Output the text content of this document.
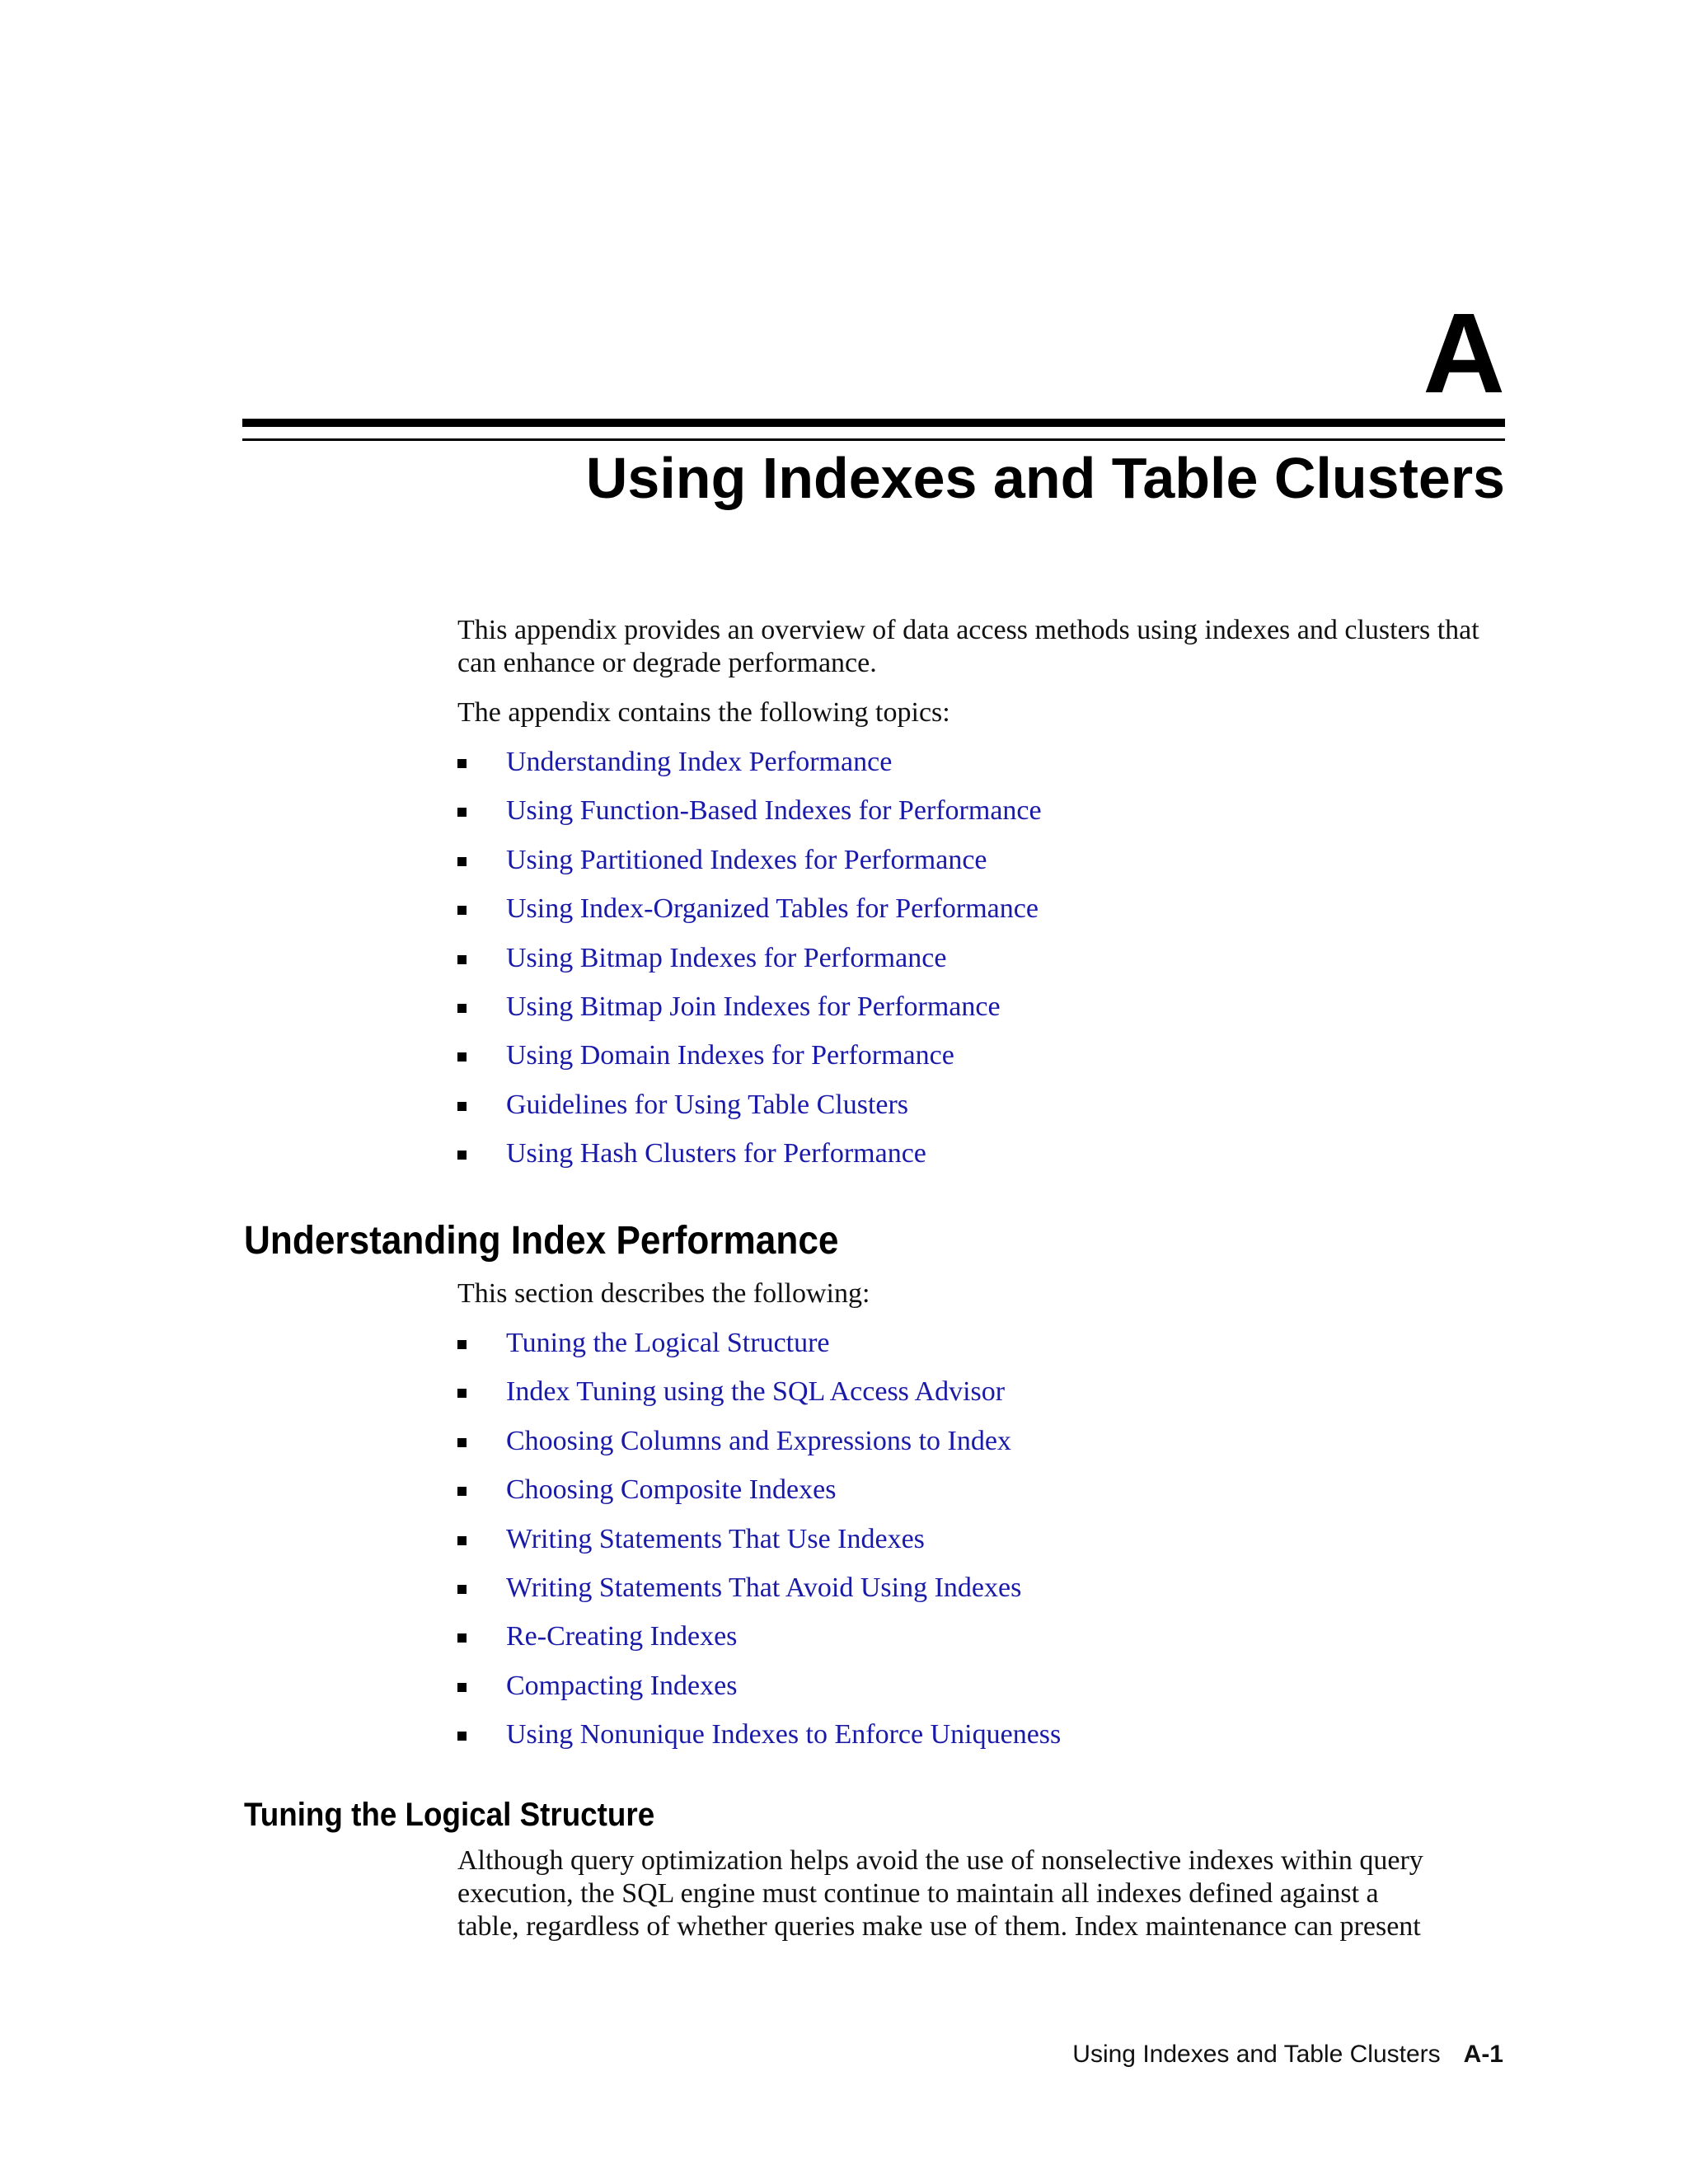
A
Using Indexes and Table Clusters

This appendix provides an overview of data access methods using indexes and clusters that can enhance or degrade performance.

The appendix contains the following topics:

Understanding Index Performance
Using Function-Based Indexes for Performance
Using Partitioned Indexes for Performance
Using Index-Organized Tables for Performance
Using Bitmap Indexes for Performance
Using Bitmap Join Indexes for Performance
Using Domain Indexes for Performance
Guidelines for Using Table Clusters
Using Hash Clusters for Performance
Understanding Index Performance

This section describes the following:

Tuning the Logical Structure
Index Tuning using the SQL Access Advisor
Choosing Columns and Expressions to Index
Choosing Composite Indexes
Writing Statements That Use Indexes
Writing Statements That Avoid Using Indexes
Re-Creating Indexes
Compacting Indexes
Using Nonunique Indexes to Enforce Uniqueness
Tuning the Logical Structure
Although query optimization helps avoid the use of nonselective indexes within query
execution, the SQL engine must continue to maintain all indexes defined against a
table, regardless of whether queries make use of them. Index maintenance can present
Using Indexes and Table Clusters A-1
